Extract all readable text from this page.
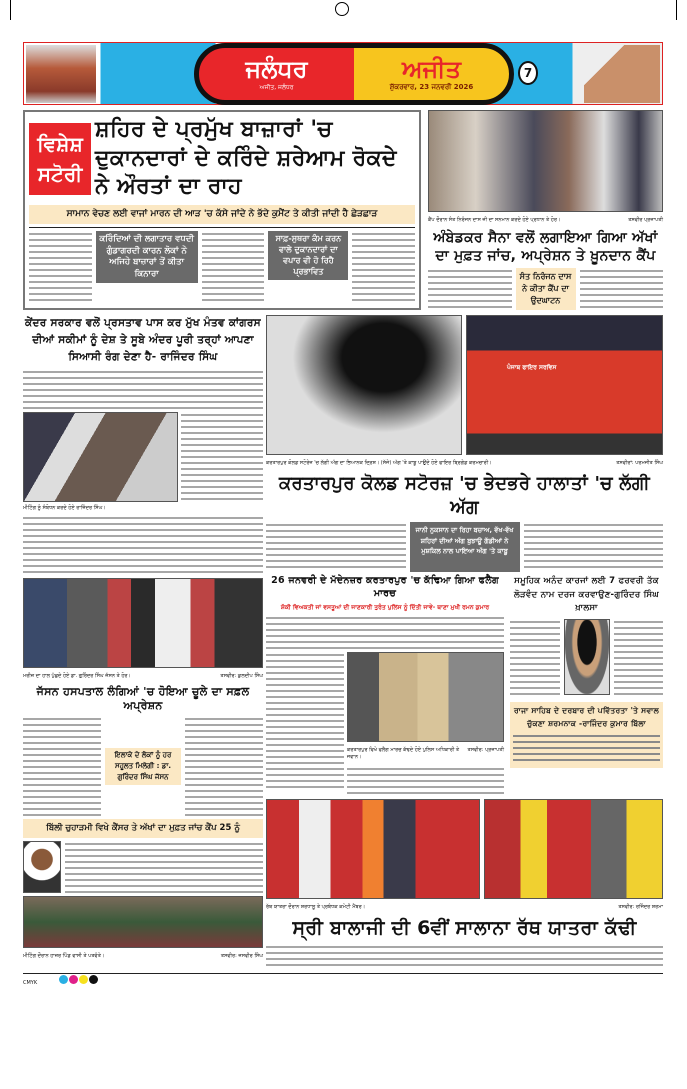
ਜਲੰਧਰ
ਅਜੀਤ, ਜਲੰਧਰ
ਅਜੀਤ
ਸ਼ੁੱਕਰਵਾਰ, 23 ਜਨਵਰੀ 2026
7
ਵਿਸ਼ੇਸ਼ ਸਟੋਰੀ
ਸ਼ਹਿਰ ਦੇ ਪ੍ਰਮੁੱਖ ਬਾਜ਼ਾਰਾਂ 'ਚ ਦੁਕਾਨਦਾਰਾਂ ਦੇ ਕਰਿੰਦੇ ਸ਼ਰੇਆਮ ਰੋਕਦੇ ਨੇ ਔਰਤਾਂ ਦਾ ਰਾਹ
ਸਾਮਾਨ ਵੇਚਣ ਲਈ ਵਾਜਾਂ ਮਾਰਨ ਦੀ ਆੜ 'ਚ ਕੱਸੇ ਜਾਂਦੇ ਨੇ ਭੱਦੇ ਕੁਮੈਂਟ ਤੇ ਕੀਤੀ ਜਾਂਦੀ ਹੈ ਛੇੜਛਾੜ
ਕਰਿੰਦਿਆਂ ਦੀ ਲਗਾਤਾਰ ਵਧਦੀ ਗੁੰਡਾਗਰਦੀ ਕਾਰਨ ਲੋਕਾਂ ਨੇ ਅਜਿਹੇ ਬਾਜ਼ਾਰਾਂ ਤੋਂ ਕੀਤਾ ਕਿਨਾਰਾ
ਸਾਫ਼-ਸੁਥਰਾ ਕੰਮ ਕਰਨ ਵਾਲੇ ਦੁਕਾਨਦਾਰਾਂ ਦਾ ਵਪਾਰ ਵੀ ਹੋ ਰਿਹੈ ਪ੍ਰਭਾਵਿਤ
ਕੈਂਪ ਦੌਰਾਨ ਸੰਤ ਨਿਰੰਜਨ ਦਾਸ ਜੀ ਦਾ ਸਨਮਾਨ ਕਰਦੇ ਹੋਏ ਪ੍ਰਧਾਨ ਤੇ ਹੋਰ।	ਤਸਵੀਰ ਪ੍ਰਜਾਪਤੀ
ਅੰਬੇਡਕਰ ਸੈਨਾ ਵਲੋਂ ਲਗਾਇਆ ਗਿਆ ਅੱਖਾਂ ਦਾ ਮੁਫ਼ਤ ਜਾਂਚ, ਅਪ੍ਰੇਸ਼ਨ ਤੇ ਖ਼ੂਨਦਾਨ ਕੈਂਪ
ਸੰਤ ਨਿਰੰਜਨ ਦਾਸ ਨੇ ਕੀਤਾ ਕੈਂਪ ਦਾ ਉਦਘਾਟਨ
ਕੇਂਦਰ ਸਰਕਾਰ ਵਲੋਂ ਪ੍ਰਸਤਾਵ ਪਾਸ ਕਰ ਮੁੱਖ ਮੰਤਵ ਕਾਂਗਰਸ ਦੀਆਂ ਸਕੀਮਾਂ ਨੂੰ ਦੇਸ਼ ਤੇ ਸੂਬੇ ਅੰਦਰ ਪੂਰੀ ਤਰ੍ਹਾਂ ਆਪਣਾ ਸਿਆਸੀ ਰੰਗ ਦੇਣਾ ਹੈ- ਰਾਜਿੰਦਰ ਸਿੰਘ
ਮੀਟਿੰਗ ਨੂੰ ਸੰਬੋਧਨ ਕਰਦੇ ਹੋਏ ਰਾਜਿੰਦਰ ਸਿੰਘ।
ਮਰੀਜ਼ ਦਾ ਹਾਲ ਪੁੱਛਦੇ ਹੋਏ ਡਾ. ਗੁਰਿੰਦਰ ਸਿੰਘ ਜੱਸਨ ਤੇ ਹੋਰ।	ਤਸਵੀਰ: ਕੁਲਦੀਪ ਸਿੰਘ
ਜੱਸਨ ਹਸਪਤਾਲ ਲੰਗਿਆਂ 'ਚ ਹੋਇਆ ਚੂਲੇ ਦਾ ਸਫ਼ਲ ਅਪ੍ਰੇਸ਼ਨ
ਇਲਾਕੇ ਦੇ ਲੋਕਾਂ ਨੂੰ ਹਰ ਸਹੂਲਤ ਮਿਲੇਗੀ : ਡਾ. ਗੁਰਿੰਦਰ ਸਿੰਘ ਜੱਸਨ
ਬਿੱਲੀ ਚੁਹਾੜਮੀ ਵਿਖੇ ਕੈਂਸਰ ਤੇ ਅੱਖਾਂ ਦਾ ਮੁਫ਼ਤ ਜਾਂਚ ਕੈਂਪ 25 ਨੂੰ
ਮੀਟਿੰਗ ਦੌਰਾਨ ਹਾਜ਼ਰ ਪਿੰਡ ਵਾਸੀ ਤੇ ਪਤਵੰਤੇ।	ਤਸਵੀਰ: ਜਸਵੀਰ ਸਿੰਘ
ਪੰਜਾਬ ਫਾਇਰ ਸਰਵਿਸ
ਕਰਤਾਰਪੁਰ ਕੋਲਡ ਸਟੋਰੇਜ 'ਚ ਲੱਗੀ ਅੱਗ ਦਾ ਭਿਆਨਕ ਦ੍ਰਿਸ਼। (ਸੱਜੇ) ਅੱਗ 'ਤੇ ਕਾਬੂ ਪਾਉਂਦੇ ਹੋਏ ਫਾਇਰ ਬ੍ਰਿਗੇਡ ਕਰਮਚਾਰੀ।	ਤਸਵੀਰਾਂ: ਪਰਮਜੀਤ ਸਿੰਘ
ਕਰਤਾਰਪੁਰ ਕੋਲਡ ਸਟੋਰਜ਼ 'ਚ ਭੇਦਭਰੇ ਹਾਲਾਤਾਂ 'ਚ ਲੱਗੀ ਅੱਗ
ਜਾਨੀ ਨੁਕਸਾਨ ਦਾ ਰਿਹਾ ਬਚਾਅ, ਵੱਖ-ਵੱਖ ਸ਼ਹਿਰਾਂ ਦੀਆਂ ਅੱਗ ਬੁਝਾਊ ਗੱਡੀਆਂ ਨੇ ਮੁਸ਼ਕਿਲ ਨਾਲ ਪਾਇਆ ਅੱਗ 'ਤੇ ਕਾਬੂ
26 ਜਨਵਰੀ ਦੇ ਮੱਦੇਨਜ਼ਰ ਕਰਤਾਰਪੁਰ 'ਚ ਕੱਢਿਆ ਗਿਆ ਫਲੈਗ ਮਾਰਚ
ਸ਼ੱਕੀ ਵਿਅਕਤੀ ਜਾਂ ਵਸਤੂਆਂ ਦੀ ਜਾਣਕਾਰੀ ਤੁਰੰਤ ਪੁਲਿਸ ਨੂੰ ਦਿੱਤੀ ਜਾਵੇ- ਥਾਣਾ ਮੁਖੀ ਰਮਨ ਕੁਮਾਰ
ਕਰਤਾਰਪੁਰ ਵਿਖੇ ਫਲੈਗ ਮਾਰਚ ਕੱਢਦੇ ਹੋਏ ਪੁਲਿਸ ਅਧਿਕਾਰੀ ਤੇ ਜਵਾਨ।
ਤਸਵੀਰ: ਪ੍ਰਜਾਪਤੀ
ਸਮੂਹਿਕ ਅਨੰਦ ਕਾਰਜਾਂ ਲਈ 7 ਫਰਵਰੀ ਤੱਕ ਲੋੜਵੰਦ ਨਾਮ ਦਰਜ ਕਰਵਾਉਣ-ਗੁਰਿੰਦਰ ਸਿੰਘ ਖ਼ਾਲਸਾ
ਰਾਜਾ ਸਾਹਿਬ ਦੇ ਦਰਬਾਰ ਦੀ ਪਵਿੱਤਰਤਾ 'ਤੇ ਸਵਾਲ ਚੁੱਕਣਾ ਸ਼ਰਮਨਾਕ -ਰਾਜਿੰਦਰ ਕੁਮਾਰ ਬਿੱਲਾ
ਰੱਥ ਯਾਤਰਾ ਦੌਰਾਨ ਸ਼ਰਧਾਲੂ ਤੇ ਪ੍ਰਬੰਧਕ ਕਮੇਟੀ ਮੈਂਬਰ।	ਤਸਵੀਰ: ਰਜਿੰਦਰ ਸ਼ਰਮਾ
ਸ੍ਰੀ ਬਾਲਾਜੀ ਦੀ 6ਵੀਂ ਸਾਲਾਨਾ ਰੱਥ ਯਾਤਰਾ ਕੱਢੀ
CMYK
